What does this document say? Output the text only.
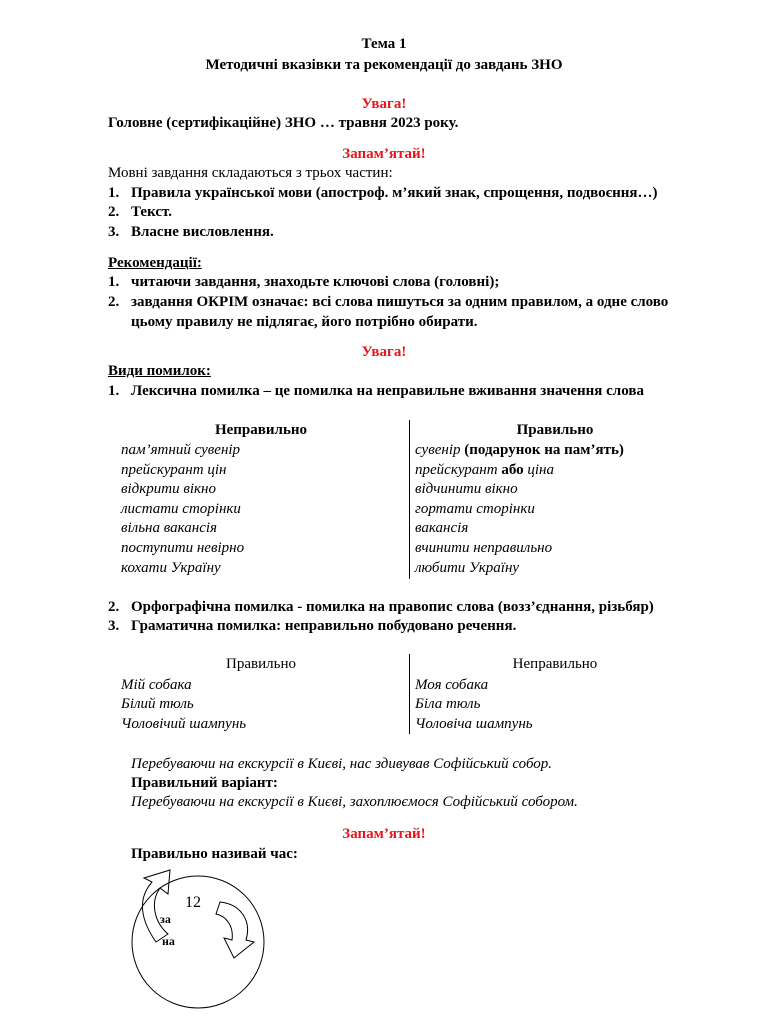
Тема 1
Методичні вказівки та рекомендації до завдань ЗНО
Увага!
Головне (сертифікаційне) ЗНО … травня 2023 року.
Запам’ятай!
Мовні завдання складаються з трьох частин:
1. Правила української мови (апостроф. м’який знак, спрощення, подвоєння…)
2. Текст.
3. Власне висловлення.
Рекомендації:
1. читаючи завдання, знаходьте ключові слова (головні);
2. завдання ОКРІМ означає: всі слова пишуться за одним правилом, а одне слово
цьому правилу не підлягає, його потрібно обирати.
Увага!
Види помилок:
1. Лексична помилка – це помилка на неправильне вживання значення слова
Неправильно	Правильно
пам’ятний сувенір
прейскурант цін
відкрити вікно
листати сторінки
вільна вакансія
поступити невірно
кохати Україну
сувенір (подарунок на пам’ять)
прейскурант або ціна
відчинити вікно
гортати сторінки
вакансія
вчинити неправильно
любити Україну
2. Орфографічна помилка - помилка на правопис слова (возз’єднання, різьбяр)
3. Граматична помилка: неправильно побудовано речення.
Правильно	Неправильно
Мій собака
Білий тюль
Чоловічий шампунь
Моя собака
Біла тюль
Чоловіча шампунь
Перебуваючи на екскурсії в Києві, нас здивував Софійський собор.
Правильний варіант:
Перебуваючи на екскурсії в Києві, захоплюємося Софійський собором.
Запам’ятай!
Правильно називай час:
12
за
на
